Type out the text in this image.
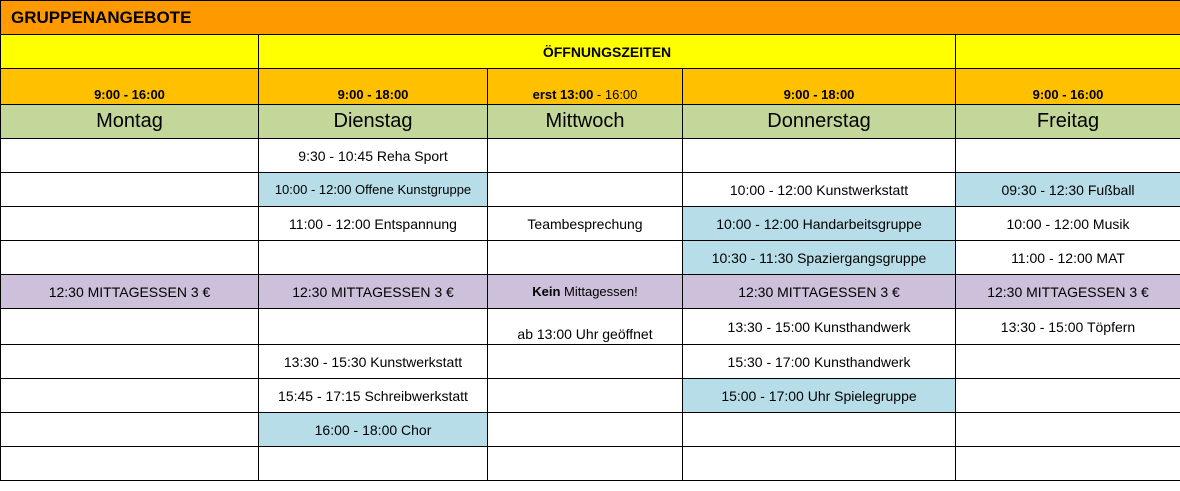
GRUPPENANGEBOTE				
	ÖFFNUNGSZEITEN			
9:00 - 16:00	9:00 - 18:00	erst 13:00 - 16:00	9:00 - 18:00	9:00 - 16:00
Montag	Dienstag	Mittwoch	Donnerstag	Freitag
	9:30 - 10:45 Reha Sport			
	10:00 - 12:00 Offene Kunstgruppe		10:00 - 12:00 Kunstwerkstatt	09:30 - 12:30 Fußball
	11:00 - 12:00 Entspannung	Teambesprechung	10:00 - 12:00 Handarbeitsgruppe	10:00 - 12:00 Musik
			10:30 - 11:30 Spaziergangsgruppe	11:00 - 12:00 MAT
12:30 MITTAGESSEN 3 €	12:30 MITTAGESSEN 3 €	Kein Mittagessen!	12:30 MITTAGESSEN 3 €	12:30 MITTAGESSEN 3 €
		ab 13:00 Uhr geöffnet	13:30 - 15:00 Kunsthandwerk	13:30 - 15:00 Töpfern
	13:30 - 15:30 Kunstwerkstatt		15:30 - 17:00 Kunsthandwerk	
	15:45 - 17:15 Schreibwerkstatt		15:00 - 17:00 Uhr Spielegruppe	
	16:00 - 18:00 Chor			
